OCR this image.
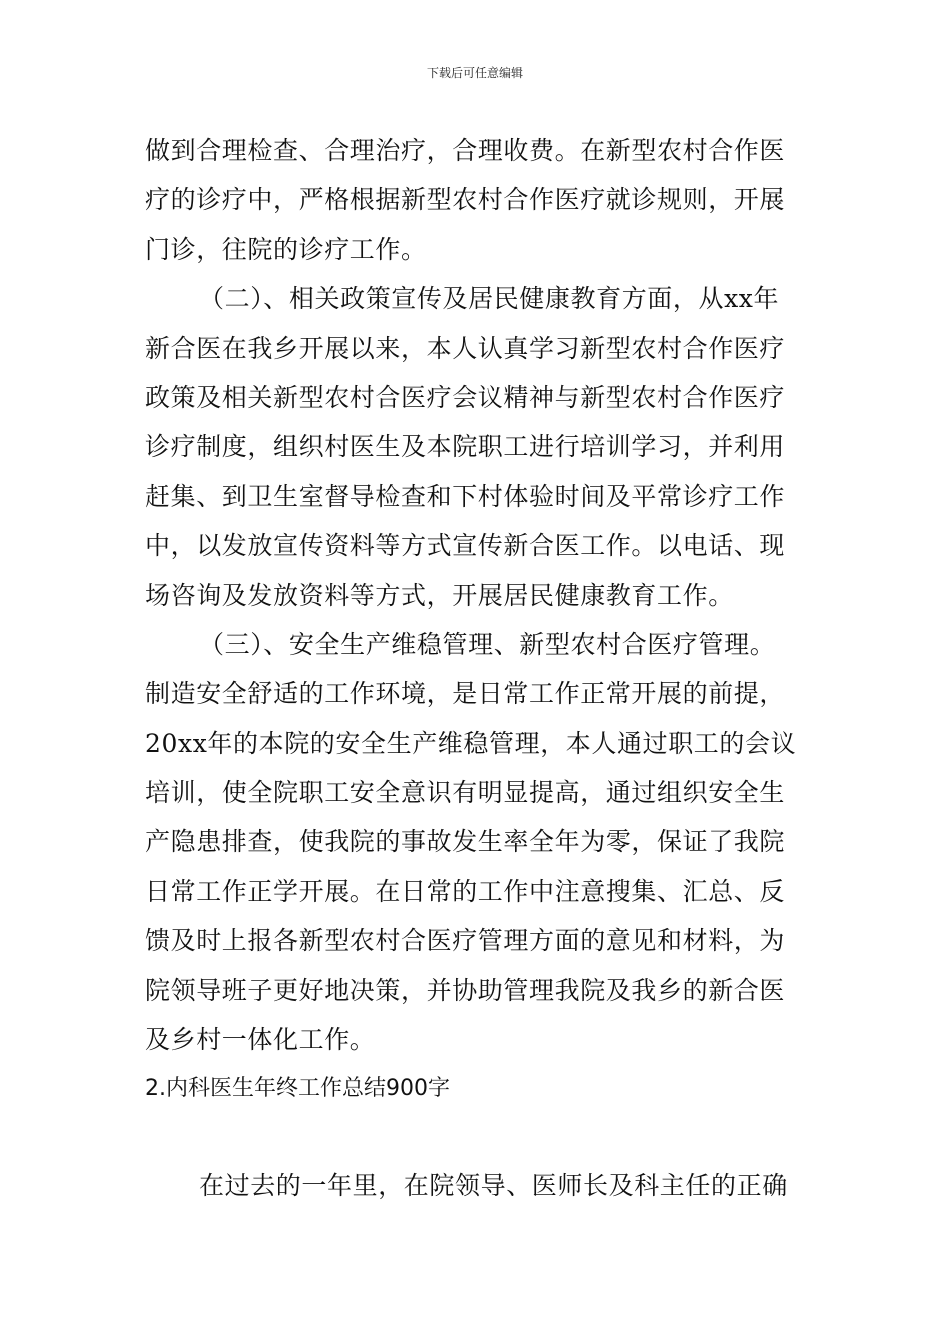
下载后可任意编辑
做到合理检查、合理治疗，合理收费。在新型农村合作医
疗的诊疗中，严格根据新型农村合作医疗就诊规则，开展
门诊，往院的诊疗工作。
（二）、相关政策宣传及居民健康教育方面，从xx年
新合医在我乡开展以来，本人认真学习新型农村合作医疗
政策及相关新型农村合医疗会议精神与新型农村合作医疗
诊疗制度，组织村医生及本院职工进行培训学习，并利用
赶集、到卫生室督导检查和下村体验时间及平常诊疗工作
中，以发放宣传资料等方式宣传新合医工作。以电话、现
场咨询及发放资料等方式，开展居民健康教育工作。
（三）、安全生产维稳管理、新型农村合医疗管理。
制造安全舒适的工作环境，是日常工作正常开展的前提，
20xx年的本院的安全生产维稳管理，本人通过职工的会议
培训，使全院职工安全意识有明显提高，通过组织安全生
产隐患排查，使我院的事故发生率全年为零，保证了我院
日常工作正学开展。在日常的工作中注意搜集、汇总、反
馈及时上报各新型农村合医疗管理方面的意见和材料，为
院领导班子更好地决策，并协助管理我院及我乡的新合医
及乡村一体化工作。
2.内科医生年终工作总结900字
在过去的一年里，在院领导、医师长及科主任的正确
